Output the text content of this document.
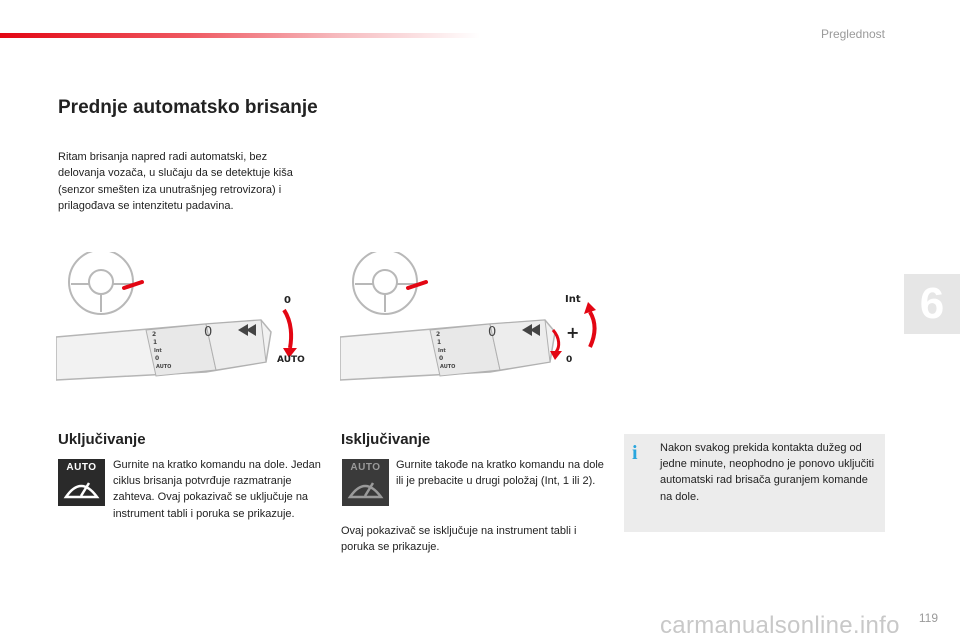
Preglednost
6
Prednje automatsko brisanje
Ritam brisanja napred radi automatski, bez delovanja vozača, u slučaju da se detektuje kiša (senzor smešten iza unutrašnjeg retrovizora) i prilagođava se intenzitetu padavina.
2
1
Int
0
AUTO
0
0
AUTO
2
1
Int
0
AUTO
0
Int
+
0
Uključivanje	Isključivanje
AUTO	Gurnite na kratko komandu na dole. Jedan ciklus brisanja potvrđuje razmatranje zahteva. Ovaj pokazivač se uključuje na instrument tabli i poruka se prikazuje.
AUTO	Gurnite takođe na kratko komandu na dole ili je prebacite u drugi položaj (Int, 1 ili 2).
Ovaj pokazivač se isključuje na instrument tabli i poruka se prikazuje.
i Nakon svakog prekida kontakta dužeg od jedne minute, neophodno je ponovo uključiti automatski rad brisača guranjem komande na dole.
carmanualsonline.info 119
